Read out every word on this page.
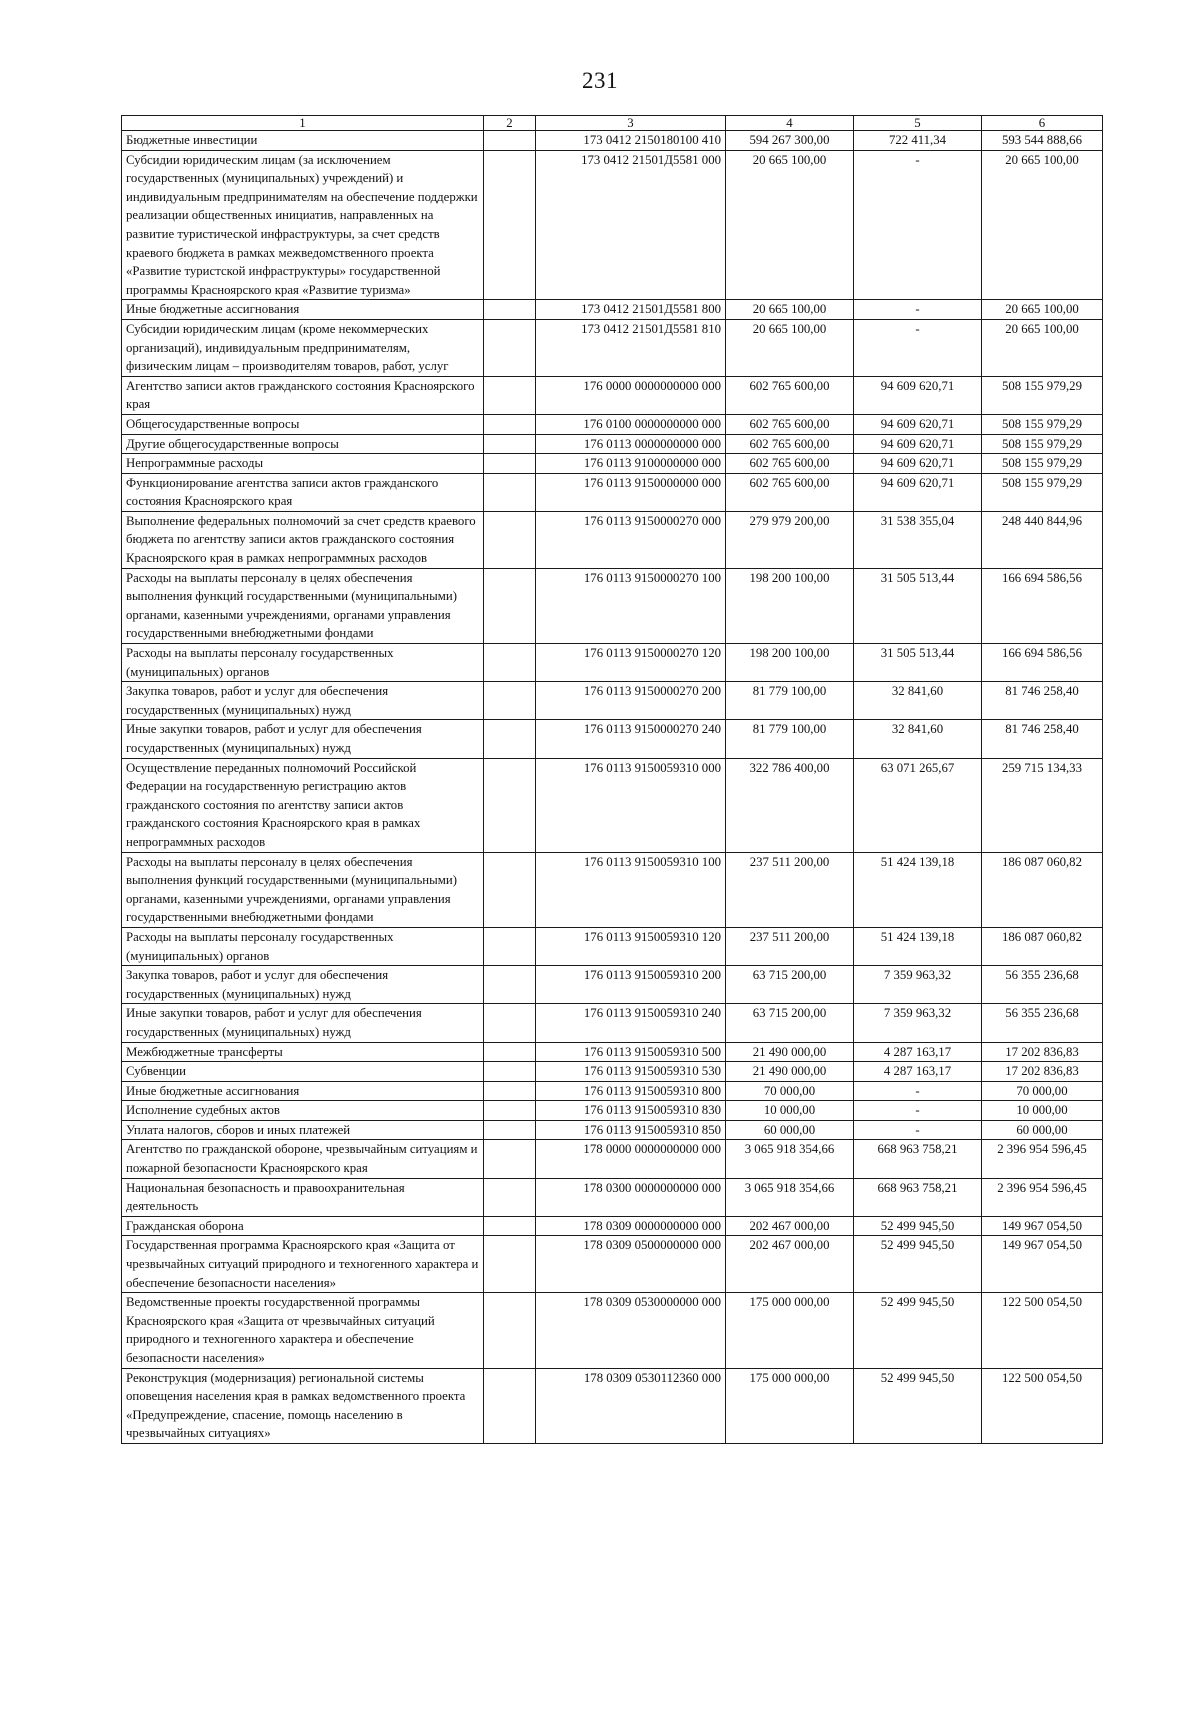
231
1	2	3	4	5	6
Бюджетные инвестиции		173 0412 2150180100 410	594 267 300,00	722 411,34	593 544 888,66
Субсидии юридическим лицам (за исключением государственных (муниципальных) учреждений) и индивидуальным предпринимателям на обеспечение поддержки реализации общественных инициатив, направленных на развитие туристической инфраструктуры, за счет средств краевого бюджета в рамках межведомственного проекта «Развитие туристской инфраструктуры» государственной программы Красноярского края «Развитие туризма»		173 0412 21501Д5581 000	20 665 100,00	-	20 665 100,00
Иные бюджетные ассигнования		173 0412 21501Д5581 800	20 665 100,00	-	20 665 100,00
Субсидии юридическим лицам (кроме некоммерческих организаций), индивидуальным предпринимателям, физическим лицам – производителям товаров, работ, услуг		173 0412 21501Д5581 810	20 665 100,00	-	20 665 100,00
Агентство записи актов гражданского состояния Красноярского края		176 0000 0000000000 000	602 765 600,00	94 609 620,71	508 155 979,29
Общегосударственные вопросы		176 0100 0000000000 000	602 765 600,00	94 609 620,71	508 155 979,29
Другие общегосударственные вопросы		176 0113 0000000000 000	602 765 600,00	94 609 620,71	508 155 979,29
Непрограммные расходы		176 0113 9100000000 000	602 765 600,00	94 609 620,71	508 155 979,29
Функционирование агентства записи актов гражданского состояния Красноярского края		176 0113 9150000000 000	602 765 600,00	94 609 620,71	508 155 979,29
Выполнение федеральных полномочий за счет средств краевого бюджета по агентству записи актов гражданского состояния Красноярского края в рамках непрограммных расходов		176 0113 9150000270 000	279 979 200,00	31 538 355,04	248 440 844,96
Расходы на выплаты персоналу в целях обеспечения выполнения функций государственными (муниципальными) органами, казенными учреждениями, органами управления государственными внебюджетными фондами		176 0113 9150000270 100	198 200 100,00	31 505 513,44	166 694 586,56
Расходы на выплаты персоналу государственных (муниципальных) органов		176 0113 9150000270 120	198 200 100,00	31 505 513,44	166 694 586,56
Закупка товаров, работ и услуг для обеспечения государственных (муниципальных) нужд		176 0113 9150000270 200	81 779 100,00	32 841,60	81 746 258,40
Иные закупки товаров, работ и услуг для обеспечения государственных (муниципальных) нужд		176 0113 9150000270 240	81 779 100,00	32 841,60	81 746 258,40
Осуществление переданных полномочий Российской Федерации на государственную регистрацию актов гражданского состояния по агентству записи актов гражданского состояния Красноярского края в рамках непрограммных расходов		176 0113 9150059310 000	322 786 400,00	63 071 265,67	259 715 134,33
Расходы на выплаты персоналу в целях обеспечения выполнения функций государственными (муниципальными) органами, казенными учреждениями, органами управления государственными внебюджетными фондами		176 0113 9150059310 100	237 511 200,00	51 424 139,18	186 087 060,82
Расходы на выплаты персоналу государственных (муниципальных) органов		176 0113 9150059310 120	237 511 200,00	51 424 139,18	186 087 060,82
Закупка товаров, работ и услуг для обеспечения государственных (муниципальных) нужд		176 0113 9150059310 200	63 715 200,00	7 359 963,32	56 355 236,68
Иные закупки товаров, работ и услуг для обеспечения государственных (муниципальных) нужд		176 0113 9150059310 240	63 715 200,00	7 359 963,32	56 355 236,68
Межбюджетные трансферты		176 0113 9150059310 500	21 490 000,00	4 287 163,17	17 202 836,83
Субвенции		176 0113 9150059310 530	21 490 000,00	4 287 163,17	17 202 836,83
Иные бюджетные ассигнования		176 0113 9150059310 800	70 000,00	-	70 000,00
Исполнение судебных актов		176 0113 9150059310 830	10 000,00	-	10 000,00
Уплата налогов, сборов и иных платежей		176 0113 9150059310 850	60 000,00	-	60 000,00
Агентство по гражданской обороне, чрезвычайным ситуациям и пожарной безопасности Красноярского края		178 0000 0000000000 000	3 065 918 354,66	668 963 758,21	2 396 954 596,45
Национальная безопасность и правоохранительная деятельность		178 0300 0000000000 000	3 065 918 354,66	668 963 758,21	2 396 954 596,45
Гражданская оборона		178 0309 0000000000 000	202 467 000,00	52 499 945,50	149 967 054,50
Государственная программа Красноярского края «Защита от чрезвычайных ситуаций природного и техногенного характера и обеспечение безопасности населения»		178 0309 0500000000 000	202 467 000,00	52 499 945,50	149 967 054,50
Ведомственные проекты государственной программы Красноярского края «Защита от чрезвычайных ситуаций природного и техногенного характера и обеспечение безопасности населения»		178 0309 0530000000 000	175 000 000,00	52 499 945,50	122 500 054,50
Реконструкция (модернизация) региональной системы оповещения населения края в рамках ведомственного проекта «Предупреждение, спасение, помощь населению в чрезвычайных ситуациях»		178 0309 0530112360 000	175 000 000,00	52 499 945,50	122 500 054,50
